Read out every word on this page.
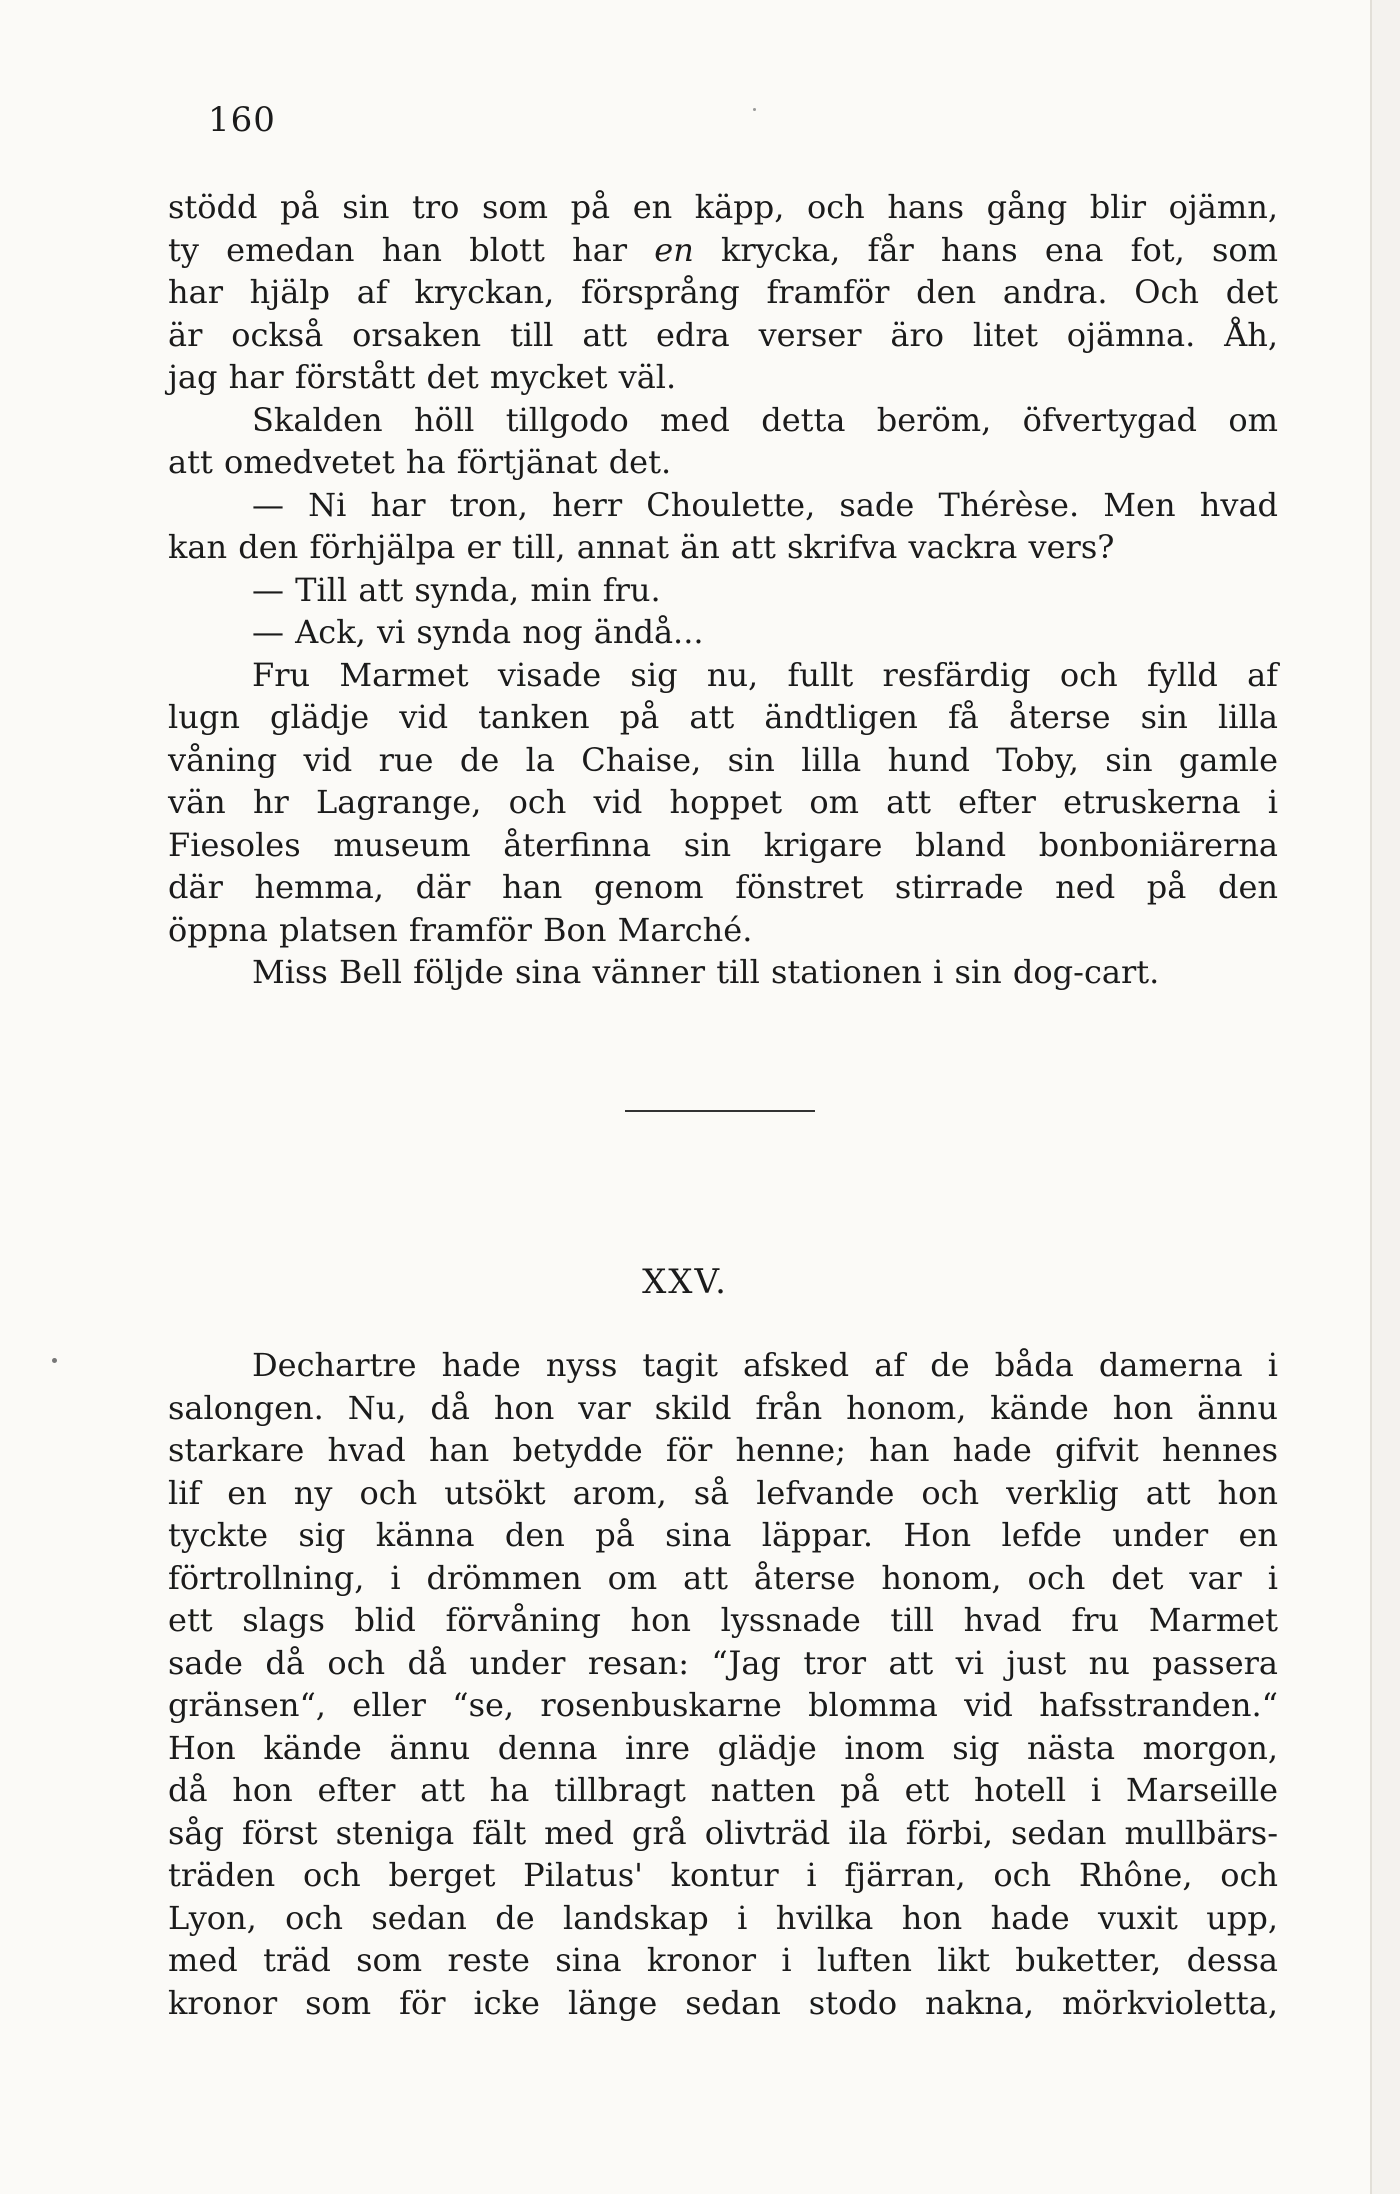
160
stödd på sin tro som på en käpp, och hans gång blir ojämn,
ty emedan han blott har en krycka, får hans ena fot, som
har hjälp af kryckan, försprång framför den andra. Och det
är också orsaken till att edra verser äro litet ojämna. Åh,
jag har förstått det mycket väl.
Skalden höll tillgodo med detta beröm, öfvertygad om
att omedvetet ha förtjänat det.
— Ni har tron, herr Choulette, sade Thérèse. Men hvad
kan den förhjälpa er till, annat än att skrifva vackra vers?
— Till att synda, min fru.
— Ack, vi synda nog ändå...
Fru Marmet visade sig nu, fullt resfärdig och fylld af
lugn glädje vid tanken på att ändtligen få återse sin lilla
våning vid rue de la Chaise, sin lilla hund Toby, sin gamle
vän hr Lagrange, och vid hoppet om att efter etruskerna i
Fiesoles museum återfinna sin krigare bland bonboniärerna
där hemma, där han genom fönstret stirrade ned på den
öppna platsen framför Bon Marché.
Miss Bell följde sina vänner till stationen i sin dog-cart.
XXV.
Dechartre hade nyss tagit afsked af de båda damerna i
salongen. Nu, då hon var skild från honom, kände hon ännu
starkare hvad han betydde för henne; han hade gifvit hennes
lif en ny och utsökt arom, så lefvande och verklig att hon
tyckte sig känna den på sina läppar. Hon lefde under en
förtrollning, i drömmen om att återse honom, och det var i
ett slags blid förvåning hon lyssnade till hvad fru Marmet
sade då och då under resan: “Jag tror att vi just nu passera
gränsen“, eller “se, rosenbuskarne blomma vid hafsstranden.“
Hon kände ännu denna inre glädje inom sig nästa morgon,
då hon efter att ha tillbragt natten på ett hotell i Marseille
såg först steniga fält med grå olivträd ila förbi, sedan mullbärs-
träden och berget Pilatus' kontur i fjärran, och Rhône, och
Lyon, och sedan de landskap i hvilka hon hade vuxit upp,
med träd som reste sina kronor i luften likt buketter, dessa
kronor som för icke länge sedan stodo nakna, mörkvioletta,
